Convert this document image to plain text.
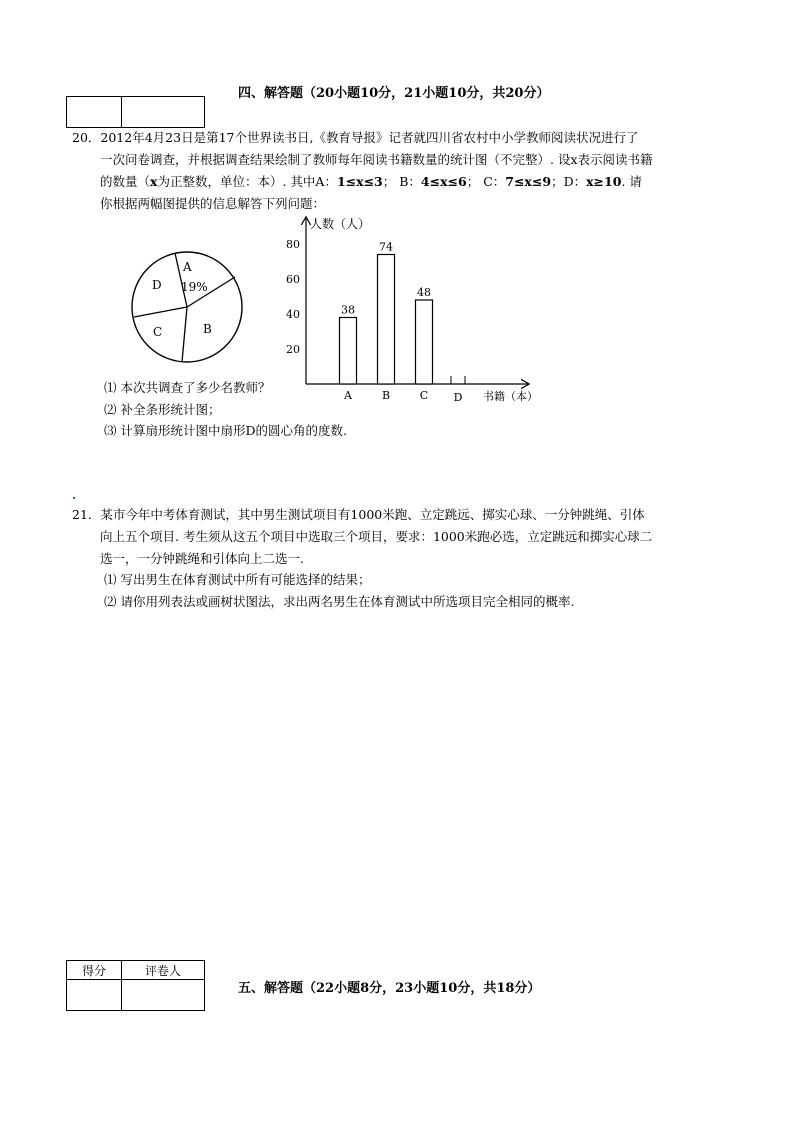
四、解答题（20小题10分，21小题10分，共20分）

20．2012年4月23日是第17个世界读书日,《教育导报》记者就四川省农村中小学教师阅读状况进行了
一次问卷调查，并根据调查结果绘制了教师每年阅读书籍数量的统计图（不完整）. 设x表示阅读书籍
的数量（x为正整数，单位：本）. 其中A：1≤x≤3； B：4≤x≤6； C：7≤x≤9；D：x≥10. 请
你根据两幅图提供的信息解答下列问题：
A
19%
B
C
D
人数（人）
书籍（本）
20
40
60
80
38
A
74
B
48
C D
⑴ 本次共调查了多少名教师？
⑵ 补全条形统计图；
⑶ 计算扇形统计图中扇形D的圆心角的度数.
21．某市今年中考体育测试，其中男生测试项目有1000米跑、立定跳远、掷实心球、一分钟跳绳、引体
向上五个项目. 考生须从这五个项目中选取三个项目，要求：1000米跑必选，立定跳远和掷实心球二
选一，一分钟跳绳和引体向上二选一.
⑴ 写出男生在体育测试中所有可能选择的结果；
⑵ 请你用列表法或画树状图法，求出两名男生在体育测试中所选项目完全相同的概率.
得分	评卷人

五、解答题（22小题8分，23小题10分，共18分）
